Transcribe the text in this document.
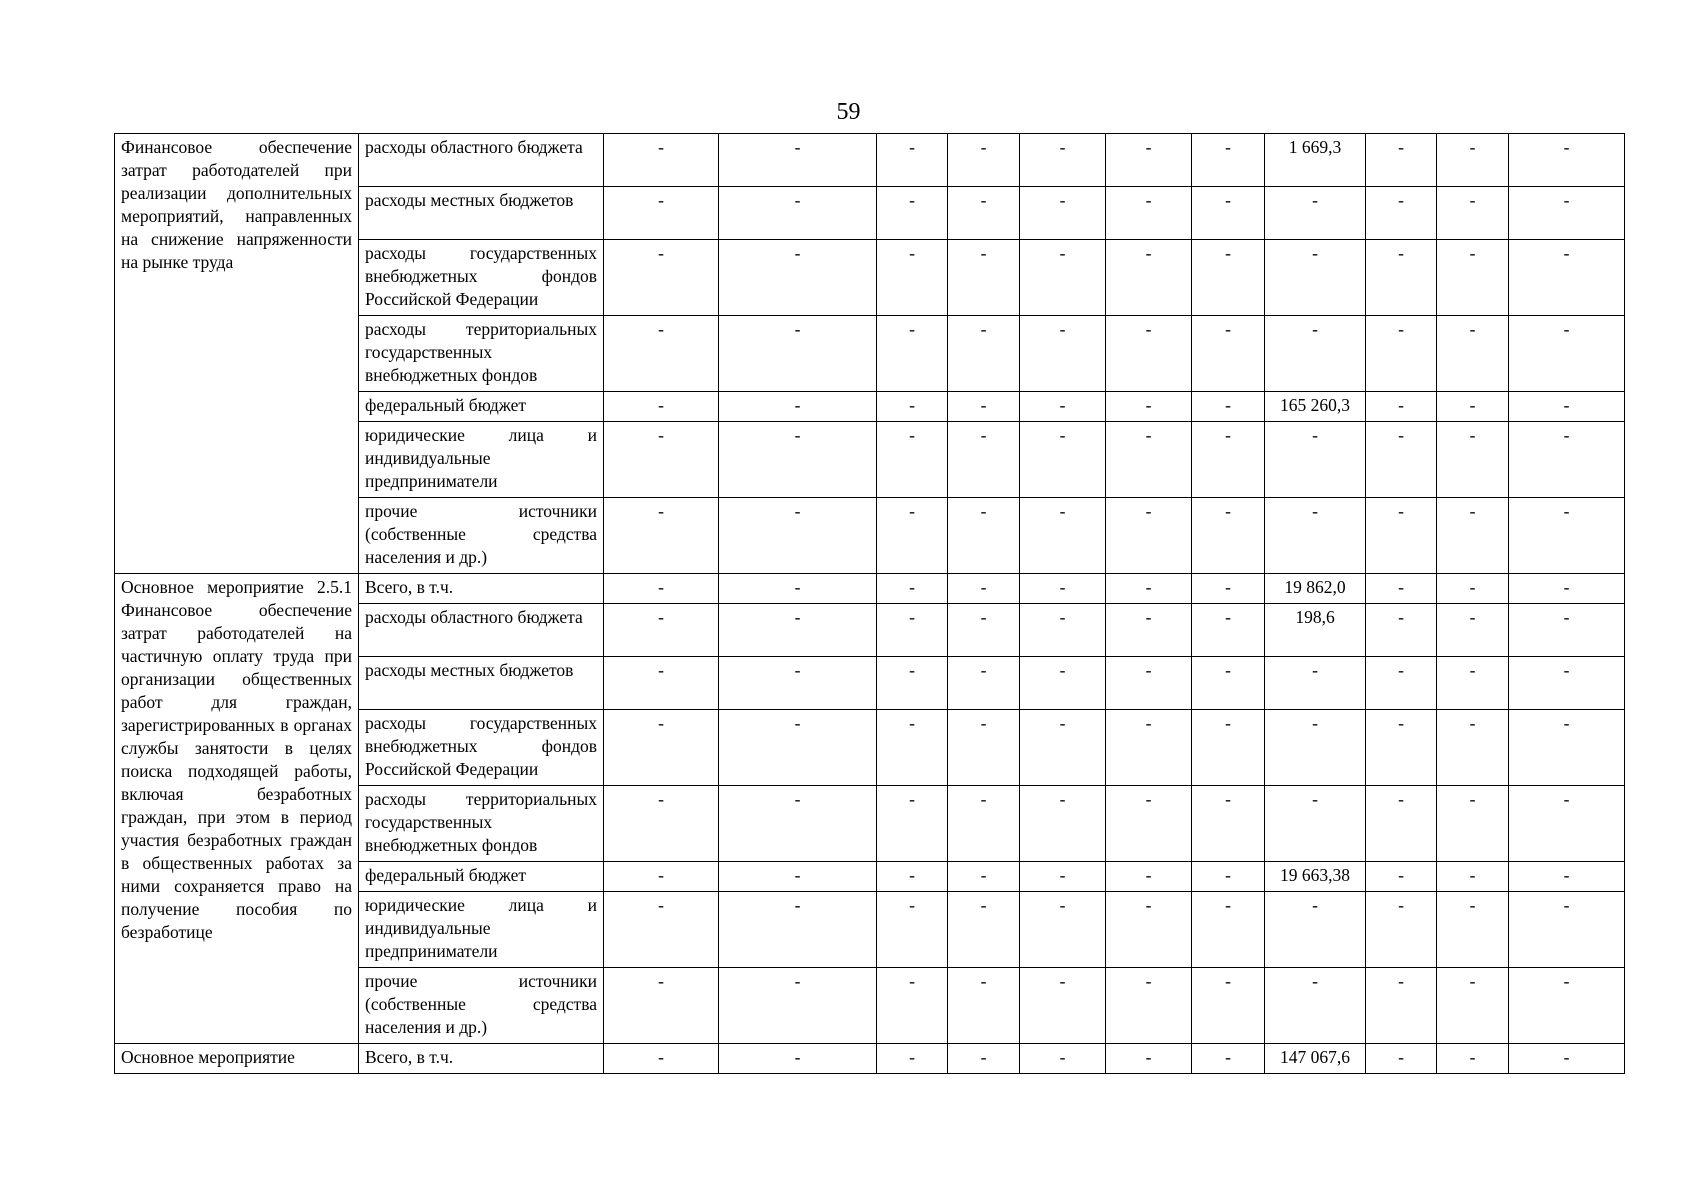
59
Финансовое обеспечение затрат работодателей при реализации дополнительных мероприятий, направленных на снижение напряженности на рынке труда	расходы областного бюджета	-	-	-	-	-	-	-	1 669,3	-	-	-
	расходы местных бюджетов	-	-	-	-	-	-	-	-	-	-	-
	расходы государственных внебюджетных фондов Российской Федерации	-	-	-	-	-	-	-	-	-	-	-
	расходы территориальных государственных внебюджетных фондов	-	-	-	-	-	-	-	-	-	-	-
	федеральный бюджет	-	-	-	-	-	-	-	165 260,3	-	-	-
	юридические лица и индивидуальные предприниматели	-	-	-	-	-	-	-	-	-	-	-
	прочие источники (собственные средства населения и др.)	-	-	-	-	-	-	-	-	-	-	-
Основное мероприятие 2.5.1 Финансовое обеспечение затрат работодателей на частичную оплату труда при организации общественных работ для граждан, зарегистрированных в органах службы занятости в целях поиска подходящей работы, включая безработных граждан, при этом в период участия безработных граждан в общественных работах за ними сохраняется право на получение пособия по безработице	Всего, в т.ч.	-	-	-	-	-	-	-	19 862,0	-	-	-
	расходы областного бюджета	-	-	-	-	-	-	-	198,6	-	-	-
	расходы местных бюджетов	-	-	-	-	-	-	-	-	-	-	-
	расходы государственных внебюджетных фондов Российской Федерации	-	-	-	-	-	-	-	-	-	-	-
	расходы территориальных государственных внебюджетных фондов	-	-	-	-	-	-	-	-	-	-	-
	федеральный бюджет	-	-	-	-	-	-	-	19 663,38	-	-	-
	юридические лица и индивидуальные предприниматели	-	-	-	-	-	-	-	-	-	-	-
	прочие источники (собственные средства населения и др.)	-	-	-	-	-	-	-	-	-	-	-
Основное мероприятие	Всего, в т.ч.	-	-	-	-	-	-	-	147 067,6	-	-	-
